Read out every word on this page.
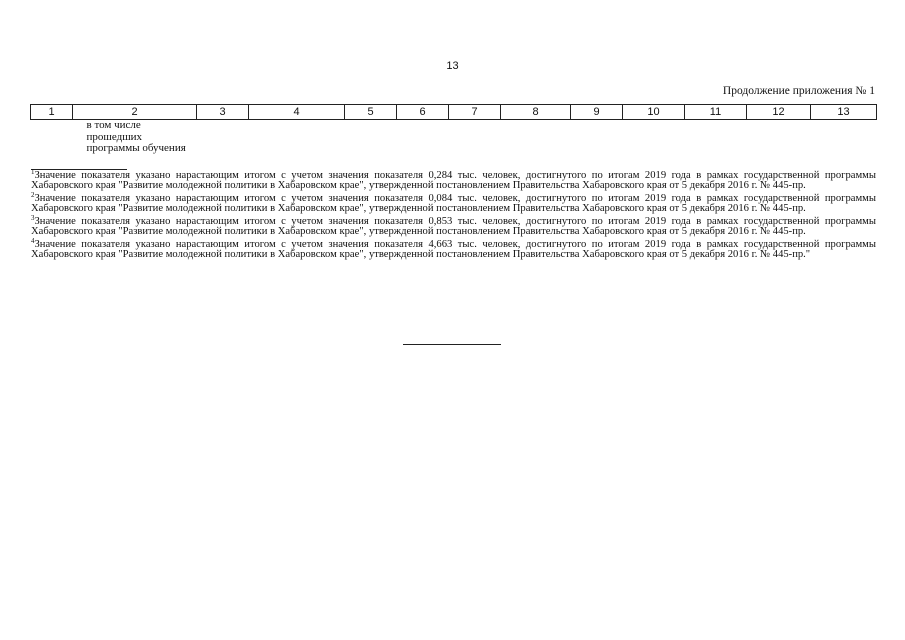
13
Продолжение приложения № 1
1	2	3	4	5	6	7	8	9	10	11	12	13

	в том числе
прошедших
программы обучения											

$^1$Значение показателя указано нарастающим итогом с учетом значения показателя 0,284 тыс. человек, достигнутого по итогам 2019 года в рамках государственной программы Хабаровского края "Развитие молодежной политики в Хабаровском крае", утвержденной постановлением Правительства Хабаровского края от 5 декабря 2016 г. № 445-пр.

$^2$Значение показателя указано нарастающим итогом с учетом значения показателя 0,084 тыс. человек, достигнутого по итогам 2019 года в рамках государственной программы Хабаровского края "Развитие молодежной политики в Хабаровском крае", утвержденной постановлением Правительства Хабаровского края от 5 декабря 2016 г. № 445-пр.

$^3$Значение показателя указано нарастающим итогом с учетом значения показателя 0,853 тыс. человек, достигнутого по итогам 2019 года в рамках государственной программы Хабаровского края "Развитие молодежной политики в Хабаровском крае", утвержденной постановлением Правительства Хабаровского края от 5 декабря 2016 г. № 445-пр.

$^4$Значение показателя указано нарастающим итогом с учетом значения показателя 4,663 тыс. человек, достигнутого по итогам 2019 года в рамках государственной программы Хабаровского края "Развитие молодежной политики в Хабаровском крае", утвержденной постановлением Правительства Хабаровского края от 5 декабря 2016 г. № 445-пр."
